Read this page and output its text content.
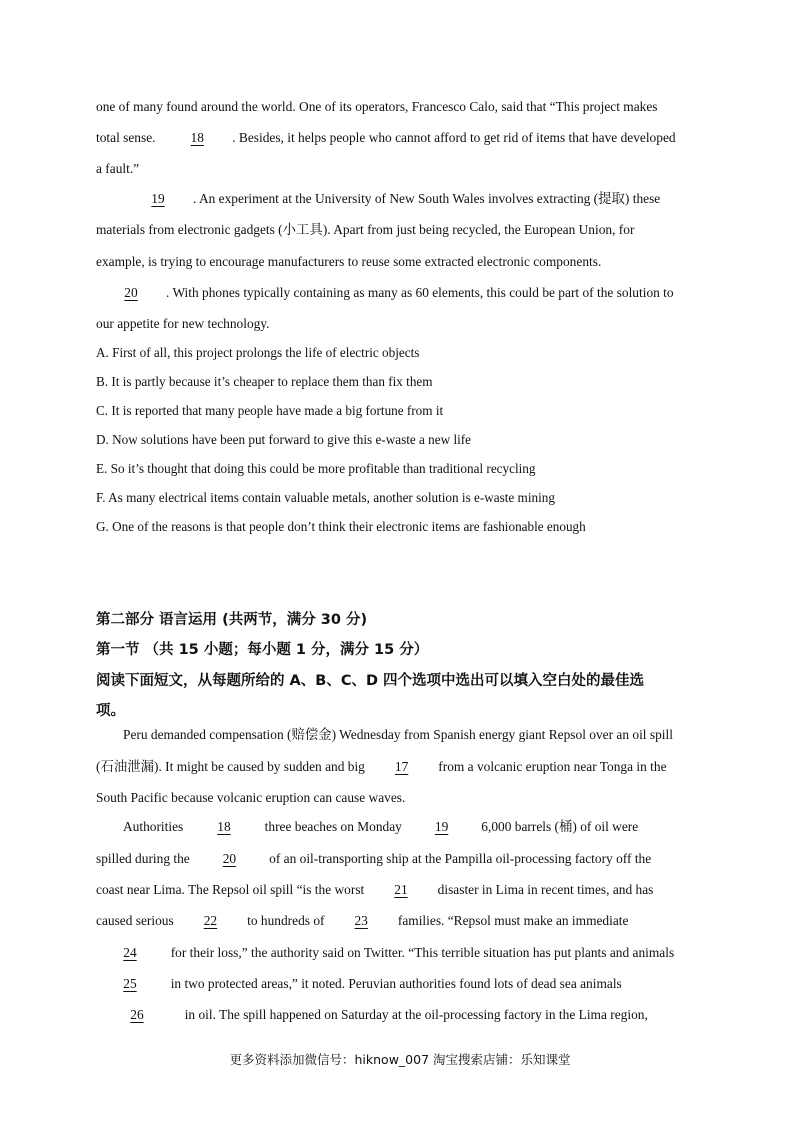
one of many found around the world. One of its operators, Francesco Calo, said that “This project makes
total sense.	18 . Besides, it helps people who cannot afford to get rid of items that have developed
a fault.”
19 . An experiment at the University of New South Wales involves extracting (提取) these
materials from electronic gadgets (小工具). Apart from just being recycled, the European Union, for
example, is trying to encourage manufacturers to reuse some extracted electronic components.
20 . With phones typically containing as many as 60 elements, this could be part of the solution to
our appetite for new technology.
A. First of all, this project prolongs the life of electric objects
B. It is partly because it’s cheaper to replace them than fix them
C. It is reported that many people have made a big fortune from it
D. Now solutions have been put forward to give this e-waste a new life
E. So it’s thought that doing this could be more profitable than traditional recycling
F. As many electrical items contain valuable metals, another solution is e-waste mining
G. One of the reasons is that people don’t think their electronic items are fashionable enough
第二部分 语言运用 (共两节，满分 30 分)
第一节 （共 15 小题；每小题 1 分，满分 15 分）
阅读下面短文，从每题所给的 A、B、C、D 四个选项中选出可以填入空白处的最佳选
项。
Peru demanded compensation (赔偿金) Wednesday from Spanish energy giant Repsol over an oil spill
(石油泄漏). It might be caused by sudden and big 17 from a volcanic eruption near Tonga in the
South Pacific because volcanic eruption can cause waves.
Authorities	18	three beaches on Monday 19 6,000 barrels (桶) of oil were
spilled during the 20 of an oil-transporting ship at the Pampilla oil-processing factory off the
coast near Lima. The Repsol oil spill “is the worst 21 disaster in Lima in recent times, and has
caused serious 22 to hundreds of 23 families. “Repsol must make an immediate
24	for their loss,” the authority said on Twitter. “This terrible situation has put plants and animals
25	in two protected areas,” it noted. Peruvian authorities found lots of dead sea animals
26	in oil. The spill happened on Saturday at the oil-processing factory in the Lima region,
更多资料添加微信号：hiknow_007 淘宝搜索店铺：乐知课堂
